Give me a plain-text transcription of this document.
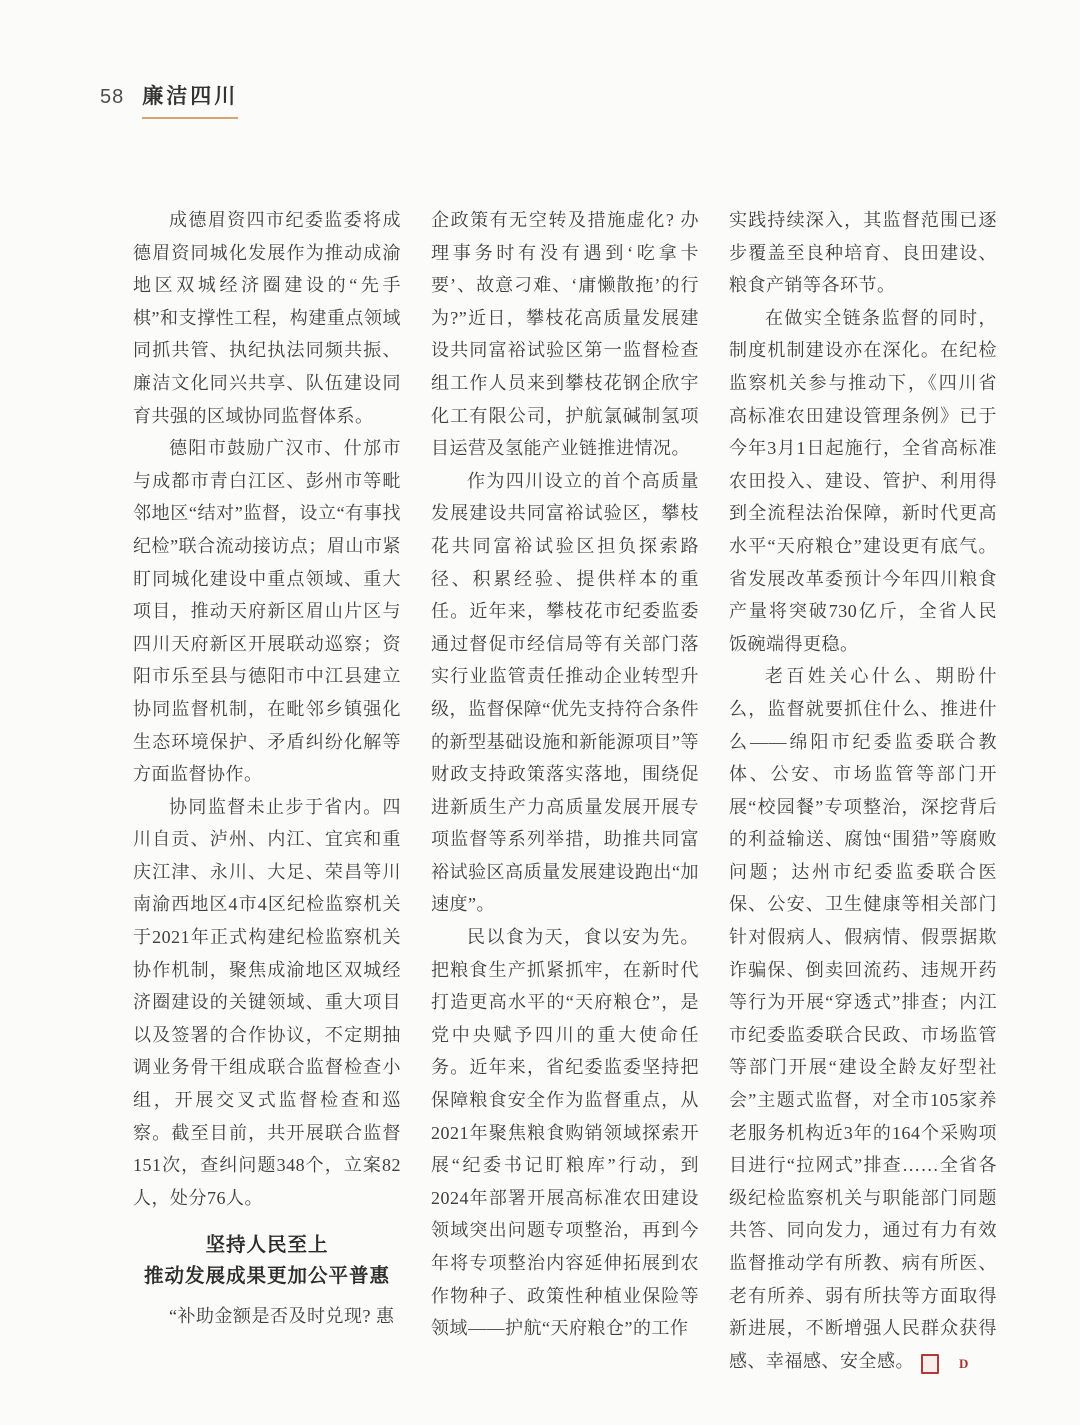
58 廉洁四川

成德眉资四市纪委监委将成德眉资同城化发展作为推动成渝地区双城经济圈建设的“先手棋”和支撑性工程，构建重点领域同抓共管、执纪执法同频共振、廉洁文化同兴共享、队伍建设同育共强的区域协同监督体系。

德阳市鼓励广汉市、什邡市与成都市青白江区、彭州市等毗邻地区“结对”监督，设立“有事找纪检”联合流动接访点；眉山市紧盯同城化建设中重点领域、重大项目，推动天府新区眉山片区与四川天府新区开展联动巡察；资阳市乐至县与德阳市中江县建立协同监督机制，在毗邻乡镇强化生态环境保护、矛盾纠纷化解等方面监督协作。

协同监督未止步于省内。四川自贡、泸州、内江、宜宾和重庆江津、永川、大足、荣昌等川南渝西地区4市4区纪检监察机关于2021年正式构建纪检监察机关协作机制，聚焦成渝地区双城经济圈建设的关键领域、重大项目以及签署的合作协议，不定期抽调业务骨干组成联合监督检查小组，开展交叉式监督检查和巡察。截至目前，共开展联合监督151次，查纠问题348个，立案82人，处分76人。

坚持人民至上
推动发展成果更加公平普惠

“补助金额是否及时兑现? 惠

企政策有无空转及措施虚化? 办理事务时有没有遇到‘吃拿卡要’、故意刁难、‘庸懒散拖’的行为?”近日，攀枝花高质量发展建设共同富裕试验区第一监督检查组工作人员来到攀枝花钢企欣宇化工有限公司，护航氯碱制氢项目运营及氢能产业链推进情况。

作为四川设立的首个高质量发展建设共同富裕试验区，攀枝花共同富裕试验区担负探索路径、积累经验、提供样本的重任。近年来，攀枝花市纪委监委通过督促市经信局等有关部门落实行业监管责任推动企业转型升级，监督保障“优先支持符合条件的新型基础设施和新能源项目”等财政支持政策落实落地，围绕促进新质生产力高质量发展开展专项监督等系列举措，助推共同富裕试验区高质量发展建设跑出“加速度”。

民以食为天，食以安为先。把粮食生产抓紧抓牢，在新时代打造更高水平的“天府粮仓”，是党中央赋予四川的重大使命任务。近年来，省纪委监委坚持把保障粮食安全作为监督重点，从2021年聚焦粮食购销领域探索开展“纪委书记盯粮库”行动，到2024年部署开展高标准农田建设领域突出问题专项整治，再到今年将专项整治内容延伸拓展到农作物种子、政策性种植业保险等领域——护航“天府粮仓”的工作

实践持续深入，其监督范围已逐步覆盖至良种培育、良田建设、粮食产销等各环节。

在做实全链条监督的同时，制度机制建设亦在深化。在纪检监察机关参与推动下，《四川省高标准农田建设管理条例》已于今年3月1日起施行，全省高标准农田投入、建设、管护、利用得到全流程法治保障，新时代更高水平“天府粮仓”建设更有底气。省发展改革委预计今年四川粮食产量将突破730亿斤，全省人民饭碗端得更稳。

老百姓关心什么、期盼什么，监督就要抓住什么、推进什么——绵阳市纪委监委联合教体、公安、市场监管等部门开展“校园餐”专项整治，深挖背后的利益输送、腐蚀“围猎”等腐败问题；达州市纪委监委联合医保、公安、卫生健康等相关部门针对假病人、假病情、假票据欺诈骗保、倒卖回流药、违规开药等行为开展“穿透式”排查；内江市纪委监委联合民政、市场监管等部门开展“建设全龄友好型社会”主题式监督，对全市105家养老服务机构近3年的164个采购项目进行“拉网式”排查……全省各级纪检监察机关与职能部门同题共答、同向发力，通过有力有效监督推动学有所教、病有所医、老有所养、弱有所扶等方面取得新进展，不断增强人民群众获得感、幸福感、安全感。	D
